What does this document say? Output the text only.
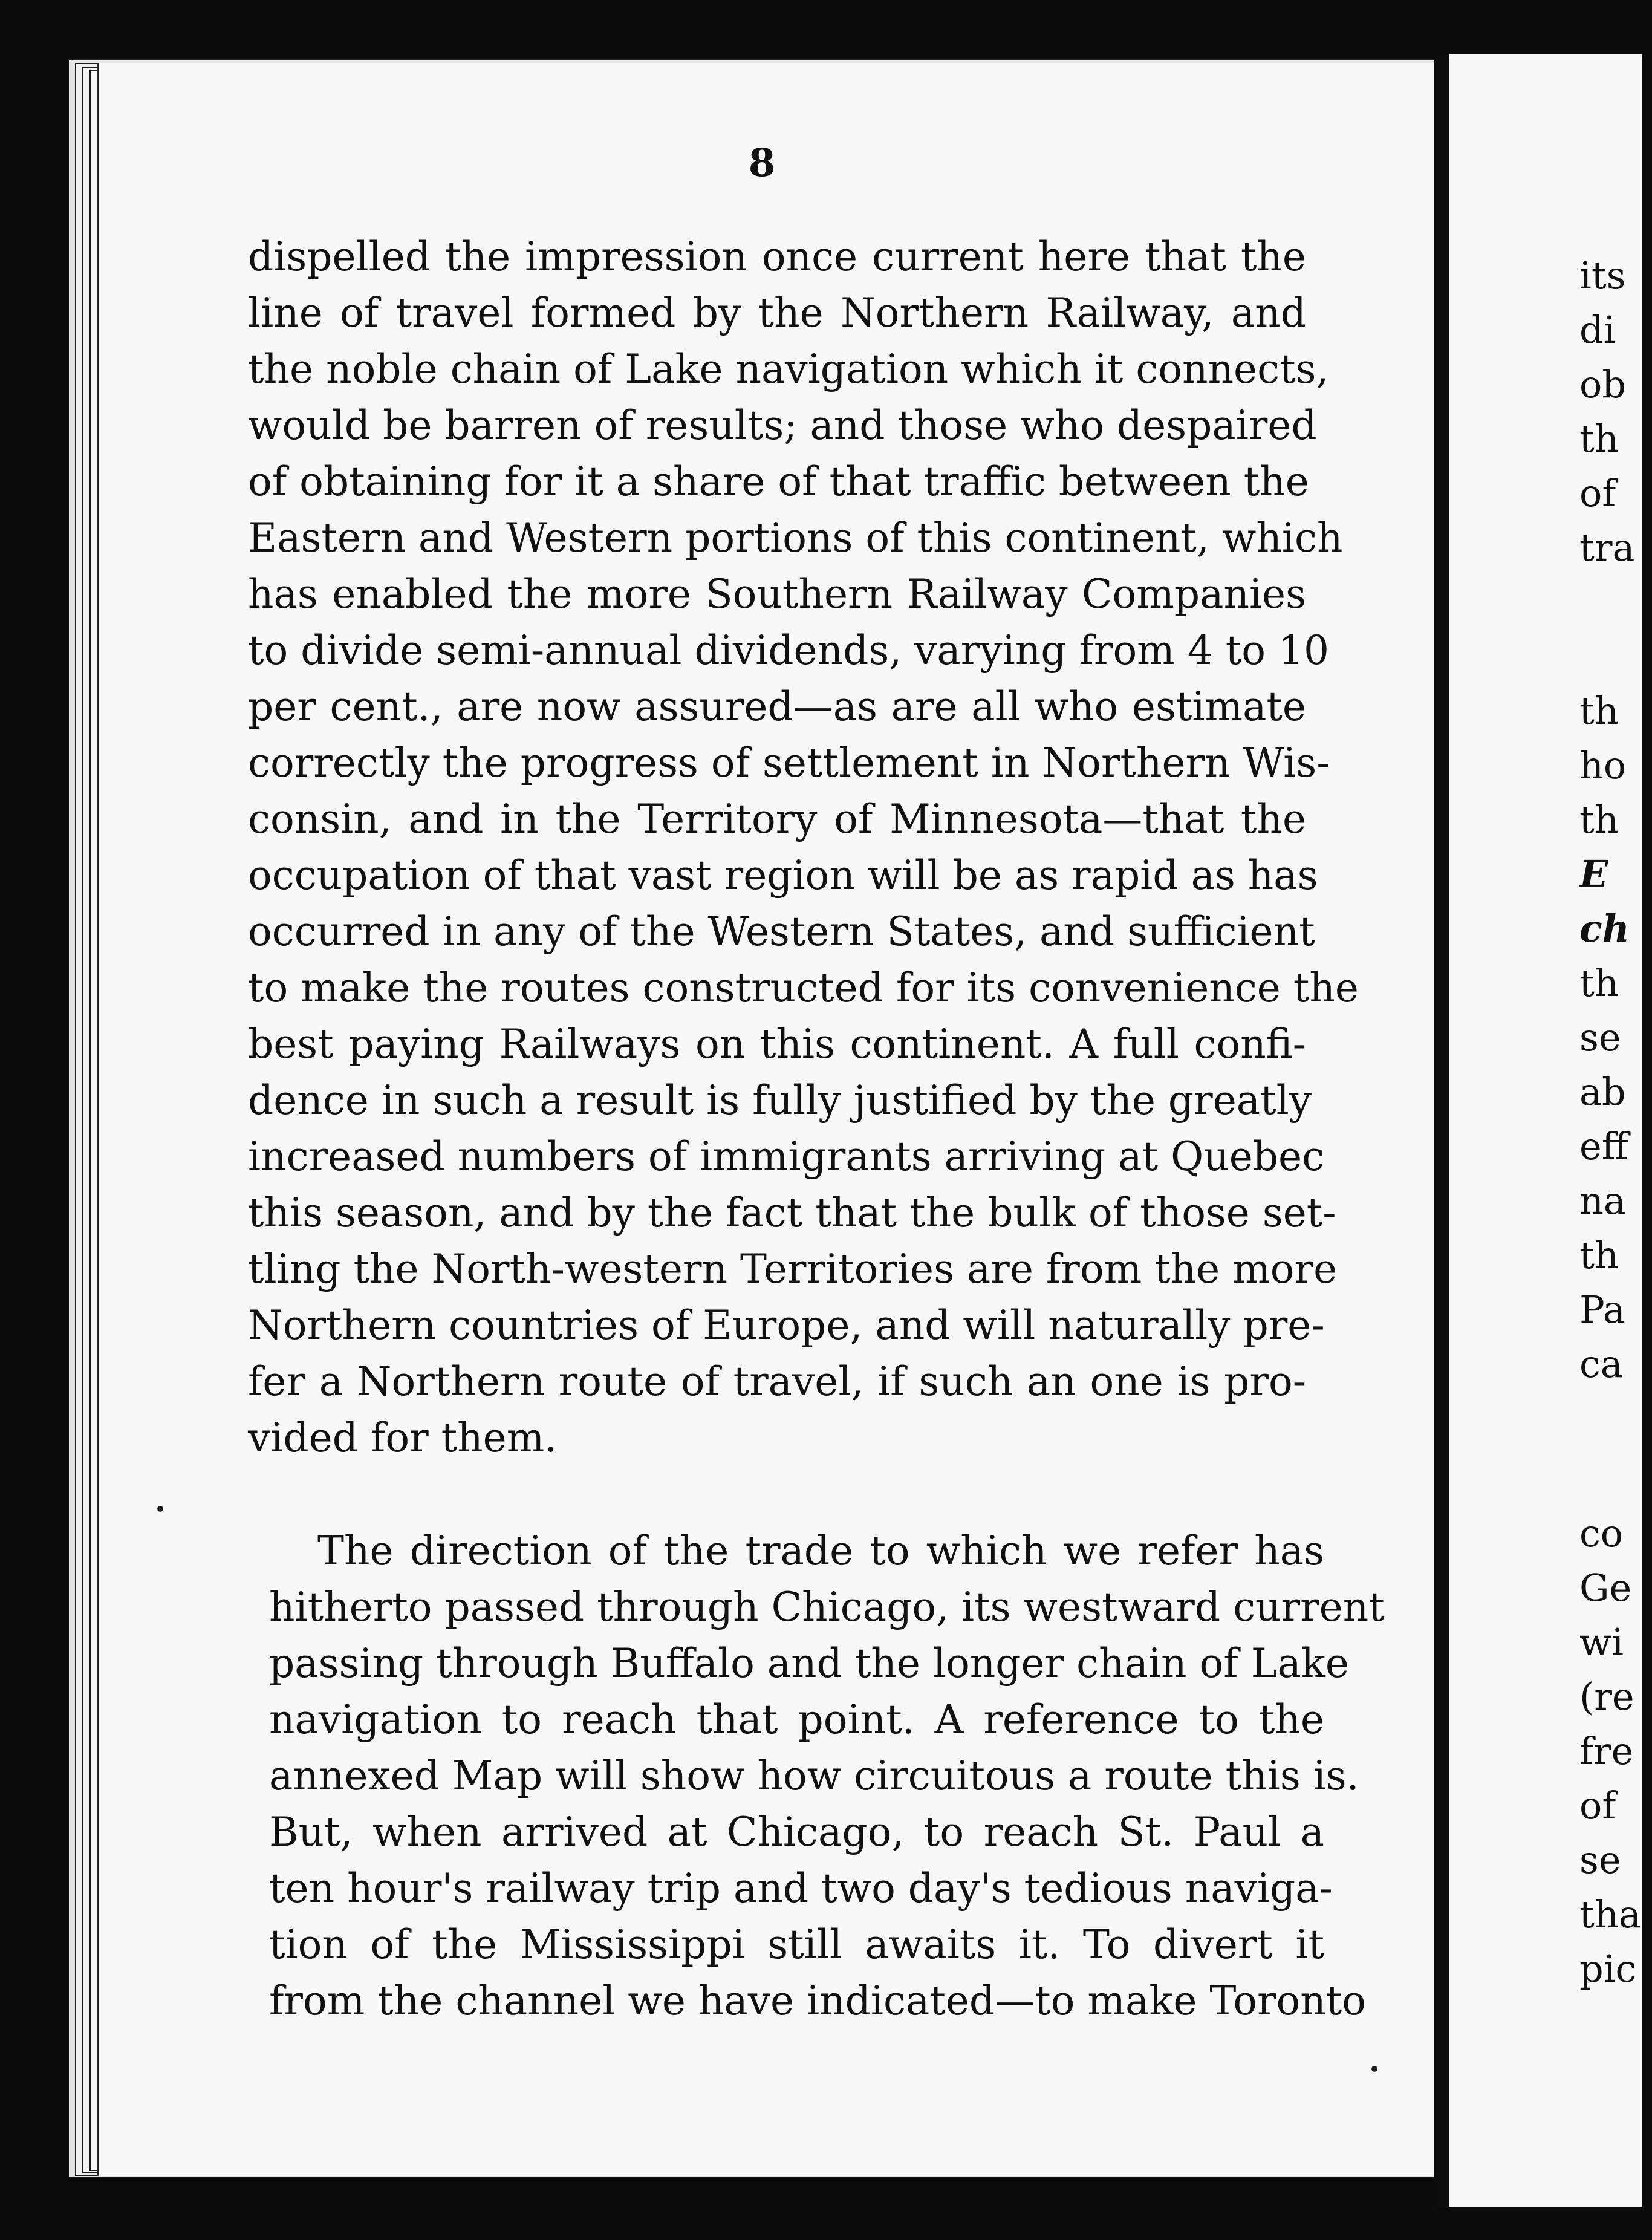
8
dispelled the impression once current here that the
line of travel formed by the Northern Railway, and
the noble chain of Lake navigation which it connects,
would be barren of results; and those who despaired
of obtaining for it a share of that traffic between the
Eastern and Western portions of this continent, which
has enabled the more Southern Railway Companies
to divide semi-annual dividends, varying from 4 to 10
per cent., are now assured—as are all who estimate
correctly the progress of settlement in Northern Wis-
consin, and in the Territory of Minnesota—that the
occupation of that vast region will be as rapid as has
occurred in any of the Western States, and sufficient
to make the routes constructed for its convenience the
best paying Railways on this continent. A full confi-
dence in such a result is fully justified by the greatly
increased numbers of immigrants arriving at Quebec
this season, and by the fact that the bulk of those set-
tling the North-western Territories are from the more
Northern countries of Europe, and will naturally pre-
fer a Northern route of travel, if such an one is pro-
vided for them.
The direction of the trade to which we refer has
hitherto passed through Chicago, its westward current
passing through Buffalo and the longer chain of Lake
navigation to reach that point. A reference to the
annexed Map will show how circuitous a route this is.
But, when arrived at Chicago, to reach St. Paul a
ten hour's railway trip and two day's tedious naviga-
tion of the Mississippi still awaits it. To divert it
from the channel we have indicated—to make Toronto
its
di
ob
th
of
tra
th
ho
th
E
ch
th
se
ab
eff
na
th
Pa
ca
co
Ge
wi
(re
fre
of
se
tha
pic
